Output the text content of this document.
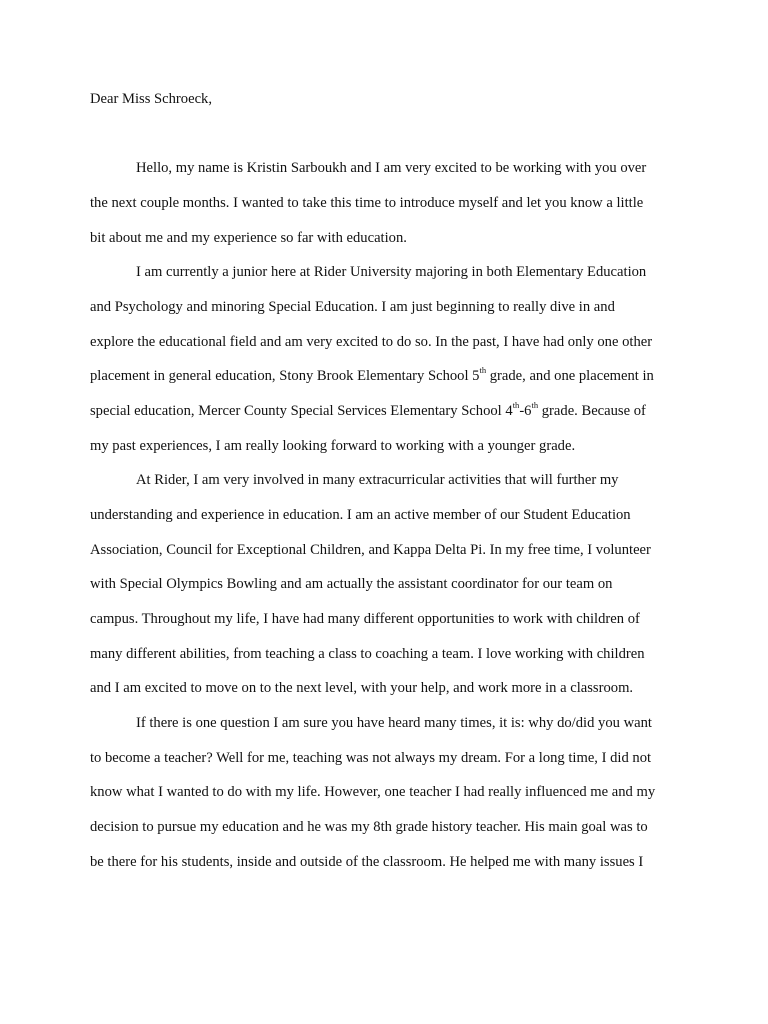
Dear Miss Schroeck,
Hello, my name is Kristin Sarboukh and I am very excited to be working with you over
the next couple months. I wanted to take this time to introduce myself and let you know a little
bit about me and my experience so far with education.
I am currently a junior here at Rider University majoring in both Elementary Education
and Psychology and minoring Special Education. I am just beginning to really dive in and
explore the educational field and am very excited to do so. In the past, I have had only one other
placement in general education, Stony Brook Elementary School 5th grade, and one placement in
special education, Mercer County Special Services Elementary School 4th-6th grade. Because of
my past experiences, I am really looking forward to working with a younger grade.
At Rider, I am very involved in many extracurricular activities that will further my
understanding and experience in education. I am an active member of our Student Education
Association, Council for Exceptional Children, and Kappa Delta Pi. In my free time, I volunteer
with Special Olympics Bowling and am actually the assistant coordinator for our team on
campus. Throughout my life, I have had many different opportunities to work with children of
many different abilities, from teaching a class to coaching a team. I love working with children
and I am excited to move on to the next level, with your help, and work more in a classroom.
If there is one question I am sure you have heard many times, it is: why do/did you want
to become a teacher? Well for me, teaching was not always my dream. For a long time, I did not
know what I wanted to do with my life. However, one teacher I had really influenced me and my
decision to pursue my education and he was my 8th grade history teacher. His main goal was to
be there for his students, inside and outside of the classroom. He helped me with many issues I
